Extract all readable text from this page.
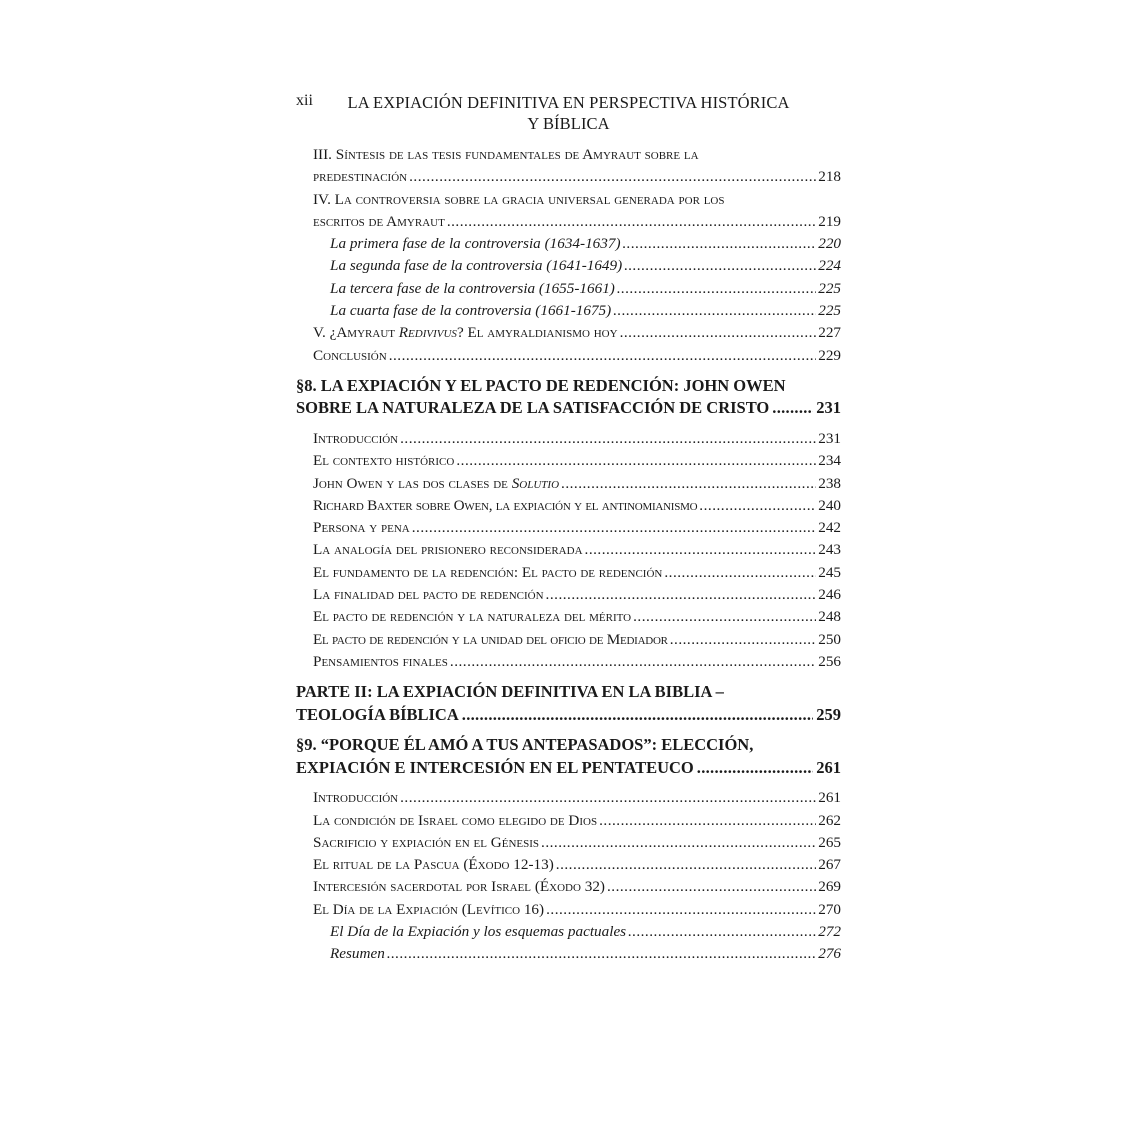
xii LA EXPIACIÓN DEFINITIVA EN PERSPECTIVA HISTÓRICA Y BÍBLICA
III. Síntesis de las tesis fundamentales de Amyraut sobre la
predestinación .....	218
IV. La controversia sobre la gracia universal generada por los
escritos de Amyraut .....	219
La primera fase de la controversia (1634-1637) .....	220
La segunda fase de la controversia (1641-1649) .....	224
La tercera fase de la controversia (1655-1661) .....	225
La cuarta fase de la controversia (1661-1675) .....	225
V. ¿Amyraut Redivivus? El amyraldianismo hoy .....	227
Conclusión .....	229
§8. LA EXPIACIÓN Y EL PACTO DE REDENCIÓN: JOHN OWEN
SOBRE LA NATURALEZA DE LA SATISFACCIÓN DE CRISTO .....	231
Introducción .....	231
El contexto histórico .....	234
John Owen y las dos clases de Solutio .....	238
Richard Baxter sobre Owen, la expiación y el antinomianismo .....	240
Persona y pena .....	242
La analogía del prisionero reconsiderada .....	243
El fundamento de la redención: El pacto de redención .....	245
La finalidad del pacto de redención .....	246
El pacto de redención y la naturaleza del mérito .....	248
El pacto de redención y la unidad del oficio de Mediador .....	250
Pensamientos finales .....	256
PARTE II: LA EXPIACIÓN DEFINITIVA EN LA BIBLIA –
TEOLOGÍA BÍBLICA .....	259
§9. “PORQUE ÉL AMÓ A TUS ANTEPASADOS”: ELECCIÓN,
EXPIACIÓN E INTERCESIÓN EN EL PENTATEUCO .....	261
Introducción .....	261
La condición de Israel como elegido de Dios .....	262
Sacrificio y expiación en el Génesis .....	265
El ritual de la Pascua (Éxodo 12-13) .....	267
Intercesión sacerdotal por Israel (Éxodo 32) .....	269
El Día de la Expiación (Levítico 16) .....	270
El Día de la Expiación y los esquemas pactuales .....	272
Resumen .....	276
